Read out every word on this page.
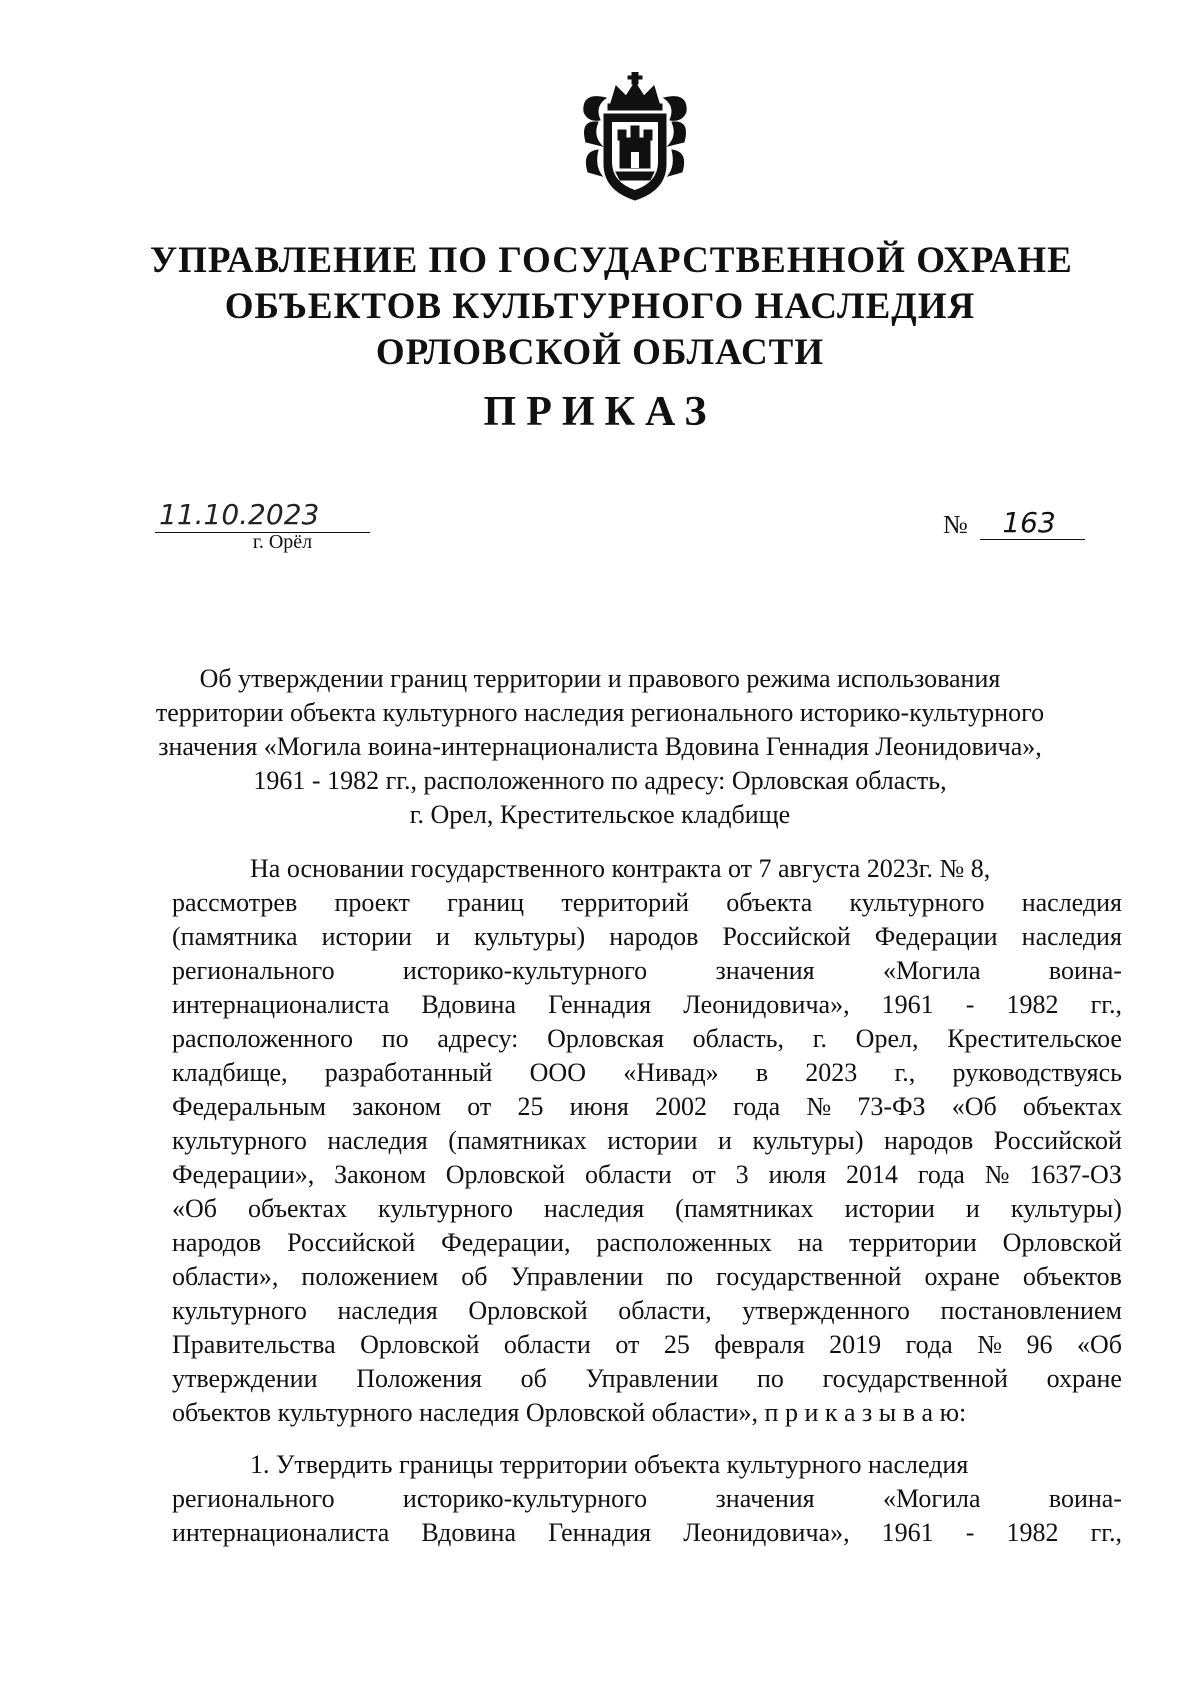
УПРАВЛЕНИЕ ПО ГОСУДАРСТВЕННОЙ ОХРАНЕ
ОБЪЕКТОВ КУЛЬТУРНОГО НАСЛЕДИЯ
ОРЛОВСКОЙ ОБЛАСТИ
ПРИКАЗ
11.10.2023
г. Орёл
№ 163
Об утверждении границ территории и правового режима использования
территории объекта культурного наследия регионального историко-культурного
значения «Могила воина-интернационалиста Вдовина Геннадия Леонидовича»,
1961 - 1982 гг., расположенного по адресу: Орловская область,
г. Орел, Крестительское кладбище
На основании государственного контракта от 7 августа 2023г. № 8,
рассмотрев проект границ территорий объекта культурного наследия
(памятника истории и культуры) народов Российской Федерации наследия
регионального	историко-культурного	значения	«Могила	воина-
интернационалиста Вдовина Геннадия Леонидовича», 1961 - 1982 гг.,
расположенного по адресу: Орловская область, г. Орел, Крестительское
кладбище, разработанный ООО «Нивад» в 2023 г., руководствуясь
Федеральным законом от 25 июня 2002 года № 73-ФЗ «Об объектах
культурного наследия (памятниках истории и культуры) народов Российской
Федерации», Законом Орловской области от 3 июля 2014 года № 1637-ОЗ
«Об объектах культурного наследия (памятниках истории и культуры)
народов Российской Федерации, расположенных на территории Орловской
области», положением об Управлении по государственной охране объектов
культурного наследия Орловской области, утвержденного постановлением
Правительства Орловской области от 25 февраля 2019 года № 96 «Об
утверждении Положения об Управлении по государственной охране
объектов культурного наследия Орловской области», п р и к а з ы в а ю:
1. Утвердить границы территории объекта культурного наследия
регионального	историко-культурного	значения	«Могила	воина-
интернационалиста Вдовина Геннадия Леонидовича», 1961 - 1982 гг.,
